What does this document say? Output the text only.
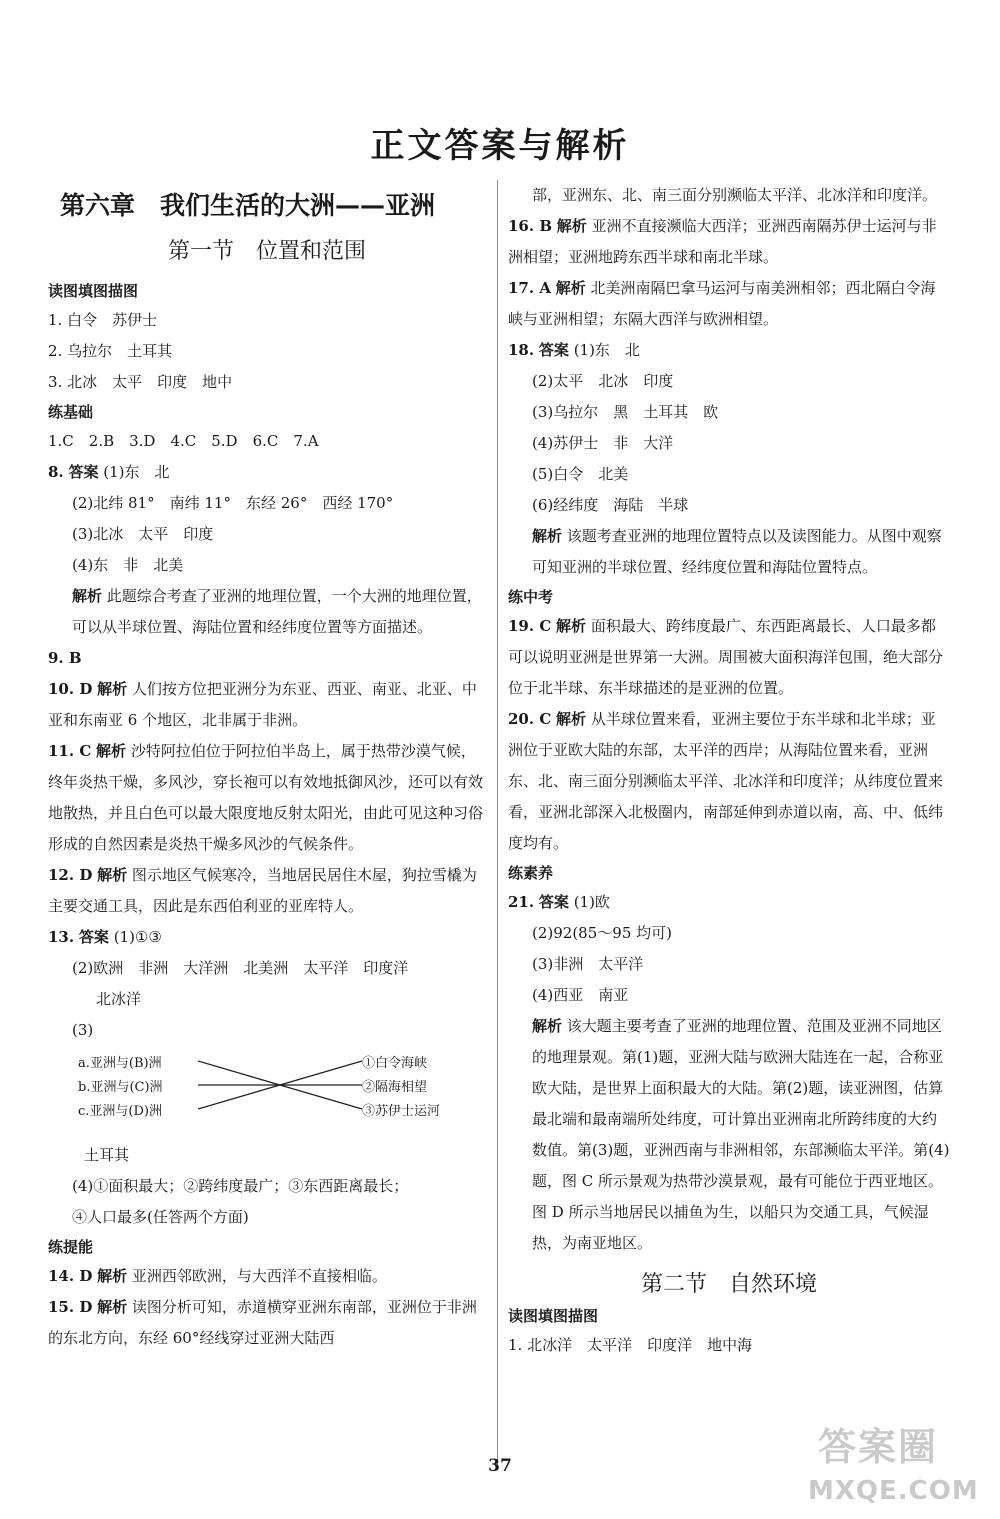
正文答案与解析
第六章　我们生活的大洲——亚洲
第一节　位置和范围
读图填图描图
1. 白令　苏伊士
2. 乌拉尔　土耳其
3. 北冰　太平　印度　地中
练基础
1.C　2.B　3.D　4.C　5.D　6.C　7.A
8. 答案 (1)东　北
(2)北纬 81°　南纬 11°　东经 26°　西经 170°
(3)北冰　太平　印度
(4)东　非　北美
解析 此题综合考查了亚洲的地理位置，一个大洲的地理位置，可以从半球位置、海陆位置和经纬度位置等方面描述。
9. B
10. D 解析 人们按方位把亚洲分为东亚、西亚、南亚、北亚、中亚和东南亚 6 个地区，北非属于非洲。
11. C 解析 沙特阿拉伯位于阿拉伯半岛上，属于热带沙漠气候，终年炎热干燥，多风沙，穿长袍可以有效地抵御风沙，还可以有效地散热，并且白色可以最大限度地反射太阳光，由此可见这种习俗形成的自然因素是炎热干燥多风沙的气候条件。
12. D 解析 图示地区气候寒冷，当地居民居住木屋，狗拉雪橇为主要交通工具，因此是东西伯利亚的亚库特人。
13. 答案 (1)①③
(2)欧洲　非洲　大洋洲　北美洲　太平洋　印度洋
北冰洋
(3)
a.亚洲与(B)洲
b.亚洲与(C)洲
c.亚洲与(D)洲
①白令海峡
②隔海相望
③苏伊士运河
土耳其
(4)①面积最大；②跨纬度最广；③东西距离最长；
④人口最多(任答两个方面)
练提能
14. D 解析 亚洲西邻欧洲，与大西洋不直接相临。
15. D 解析 读图分析可知，赤道横穿亚洲东南部，亚洲位于非洲的东北方向，东经 60°经线穿过亚洲大陆西
部，亚洲东、北、南三面分别濒临太平洋、北冰洋和印度洋。
16. B 解析 亚洲不直接濒临大西洋；亚洲西南隔苏伊士运河与非洲相望；亚洲地跨东西半球和南北半球。
17. A 解析 北美洲南隔巴拿马运河与南美洲相邻；西北隔白令海峡与亚洲相望；东隔大西洋与欧洲相望。
18. 答案 (1)东　北
(2)太平　北冰　印度
(3)乌拉尔　黑　土耳其　欧
(4)苏伊士　非　大洋
(5)白令　北美
(6)经纬度　海陆　半球
解析 该题考查亚洲的地理位置特点以及读图能力。从图中观察可知亚洲的半球位置、经纬度位置和海陆位置特点。
练中考
19. C 解析 面积最大、跨纬度最广、东西距离最长、人口最多都可以说明亚洲是世界第一大洲。周围被大面积海洋包围，绝大部分位于北半球、东半球描述的是亚洲的位置。
20. C 解析 从半球位置来看，亚洲主要位于东半球和北半球；亚洲位于亚欧大陆的东部，太平洋的西岸；从海陆位置来看，亚洲东、北、南三面分别濒临太平洋、北冰洋和印度洋；从纬度位置来看，亚洲北部深入北极圈内，南部延伸到赤道以南，高、中、低纬度均有。
练素养
21. 答案 (1)欧
(2)92(85～95 均可)
(3)非洲　太平洋
(4)西亚　南亚
解析 该大题主要考查了亚洲的地理位置、范围及亚洲不同地区的地理景观。第(1)题，亚洲大陆与欧洲大陆连在一起，合称亚欧大陆，是世界上面积最大的大陆。第(2)题，读亚洲图，估算最北端和最南端所处纬度，可计算出亚洲南北所跨纬度的大约数值。第(3)题，亚洲西南与非洲相邻，东部濒临太平洋。第(4)题，图 C 所示景观为热带沙漠景观，最有可能位于西亚地区。图 D 所示当地居民以捕鱼为生，以船只为交通工具，气候湿热，为南亚地区。
第二节　自然环境
读图填图描图
1. 北冰洋　太平洋　印度洋　地中海
37	答案圈
MXQE.COM
